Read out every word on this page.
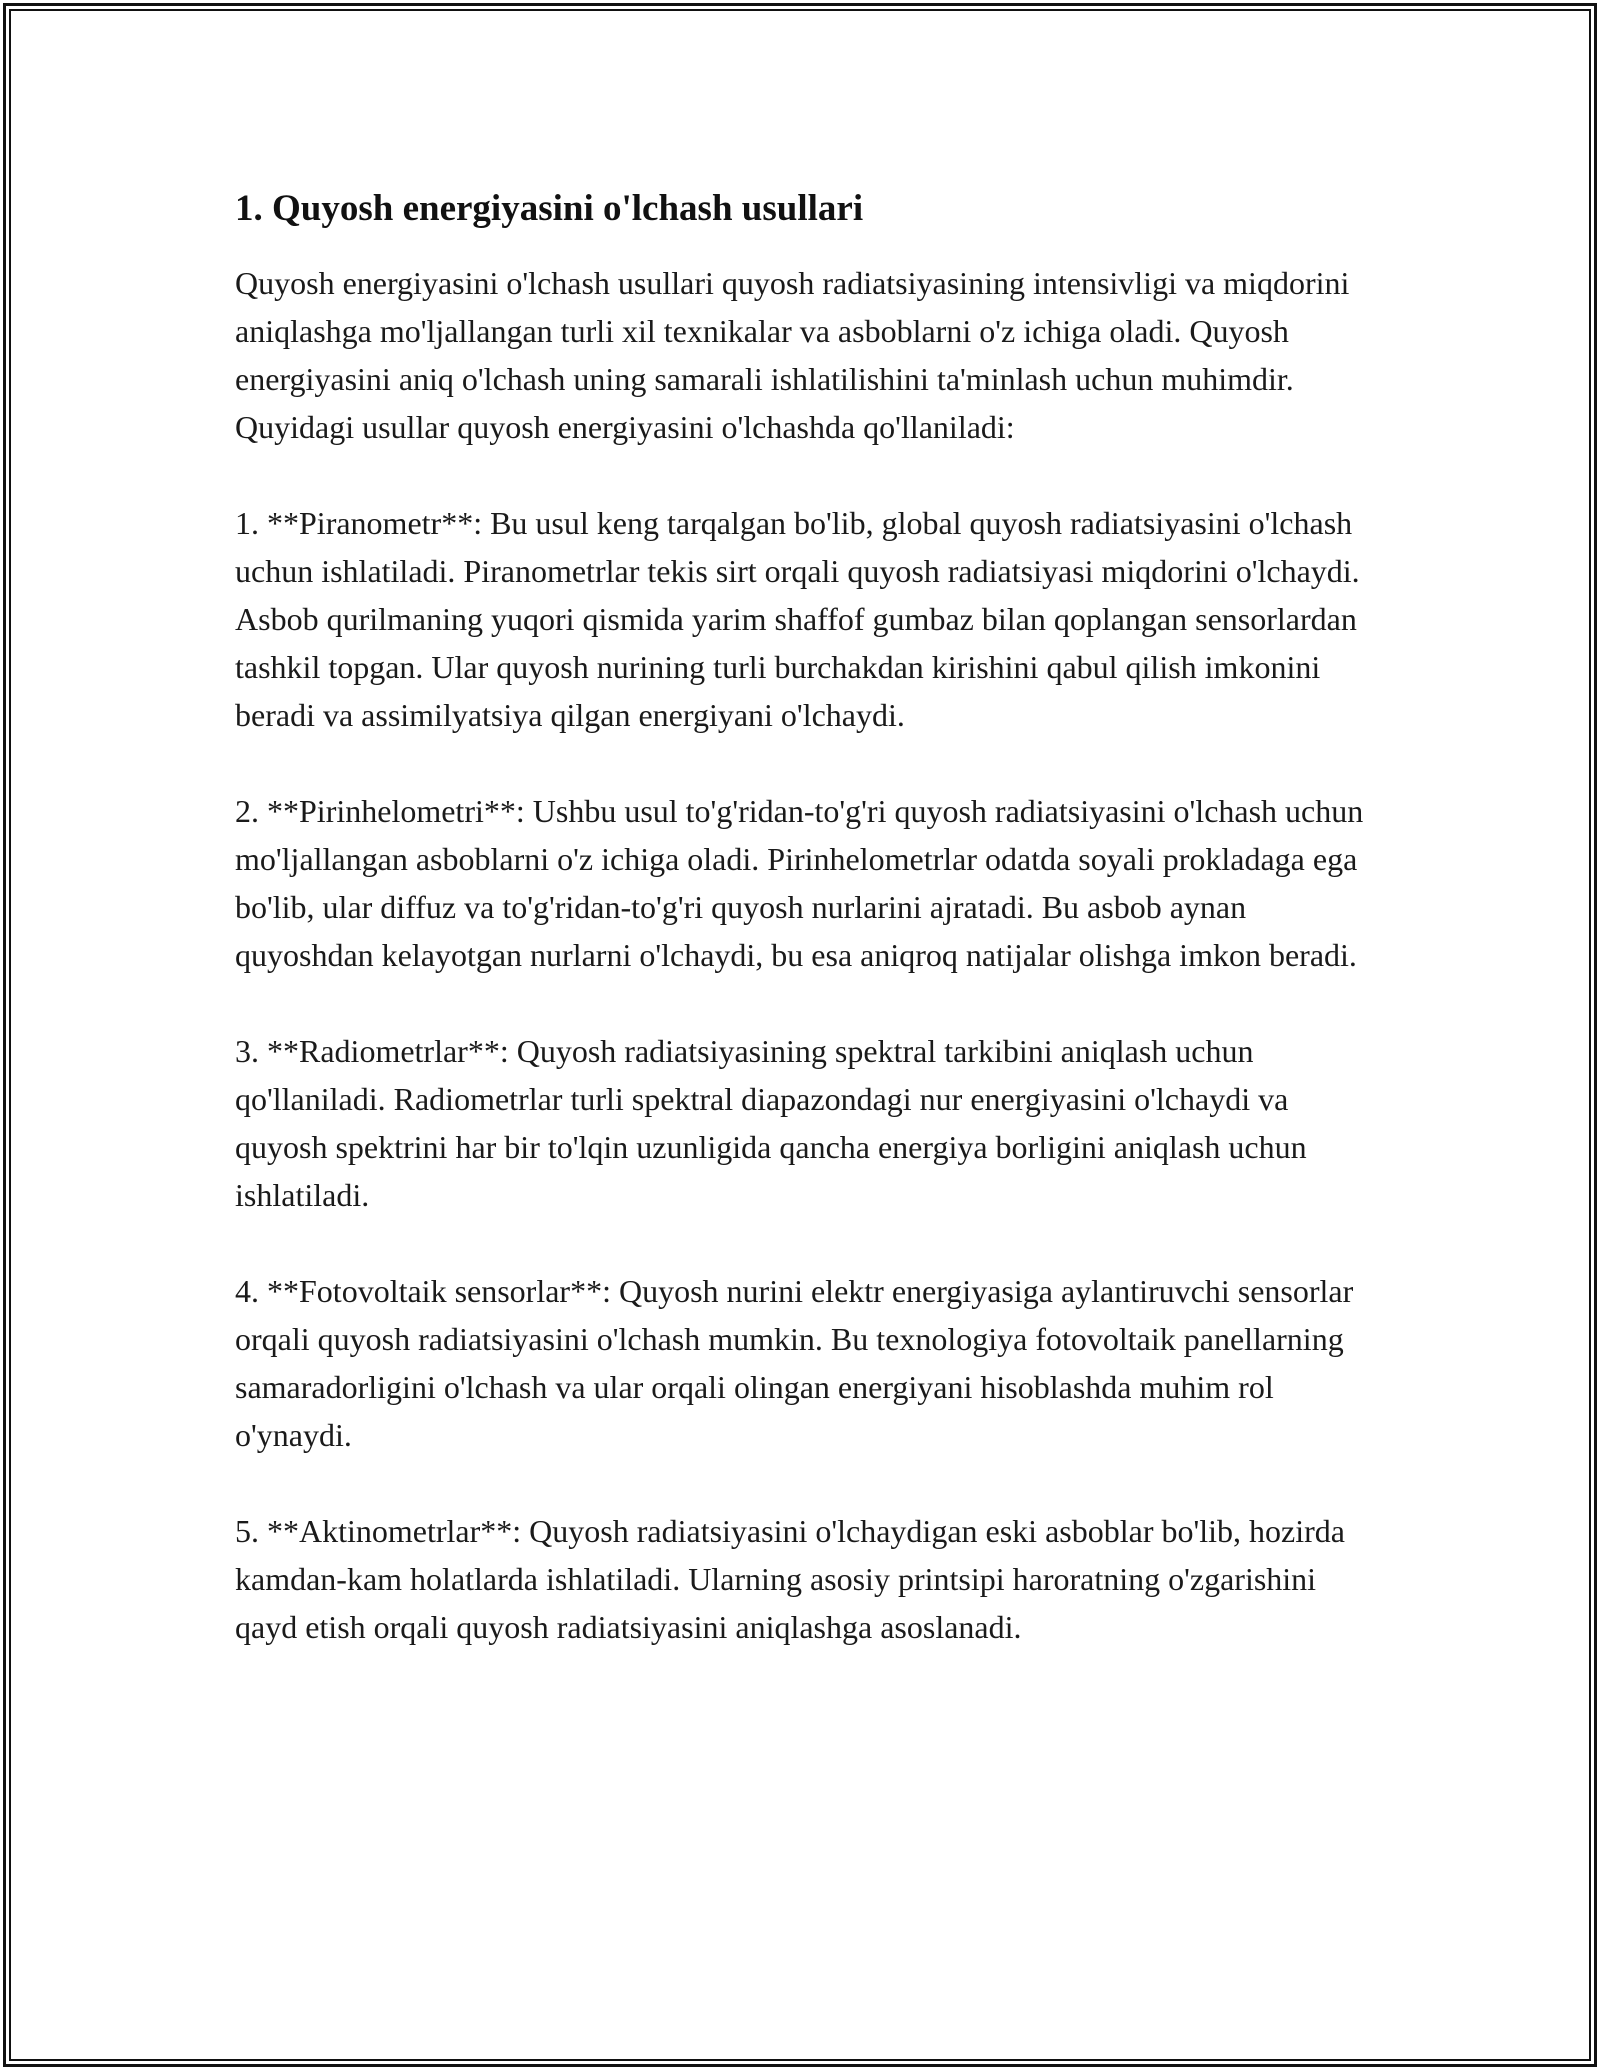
1. Quyosh energiyasini o'lchash usullari

Quyosh energiyasini o'lchash usullari quyosh radiatsiyasining intensivligi va miqdorini aniqlashga mo'ljallangan turli xil texnikalar va asboblarni o'z ichiga oladi. Quyosh energiyasini aniq o'lchash uning samarali ishlatilishini ta'minlash uchun muhimdir. Quyidagi usullar quyosh energiyasini o'lchashda qo'llaniladi:

1. **Piranometr**: Bu usul keng tarqalgan bo'lib, global quyosh radiatsiyasini o'lchash uchun ishlatiladi. Piranometrlar tekis sirt orqali quyosh radiatsiyasi miqdorini o'lchaydi. Asbob qurilmaning yuqori qismida yarim shaffof gumbaz bilan qoplangan sensorlardan tashkil topgan. Ular quyosh nurining turli burchakdan kirishini qabul qilish imkonini beradi va assimilyatsiya qilgan energiyani o'lchaydi.

2. **Pirinhelometri**: Ushbu usul to'g'ridan-to'g'ri quyosh radiatsiyasini o'lchash uchun mo'ljallangan asboblarni o'z ichiga oladi. Pirinhelometrlar odatda soyali prokladaga ega bo'lib, ular diffuz va to'g'ridan-to'g'ri quyosh nurlarini ajratadi. Bu asbob aynan quyoshdan kelayotgan nurlarni o'lchaydi, bu esa aniqroq natijalar olishga imkon beradi.

3. **Radiometrlar**: Quyosh radiatsiyasining spektral tarkibini aniqlash uchun qo'llaniladi. Radiometrlar turli spektral diapazondagi nur energiyasini o'lchaydi va quyosh spektrini har bir to'lqin uzunligida qancha energiya borligini aniqlash uchun ishlatiladi.

4. **Fotovoltaik sensorlar**: Quyosh nurini elektr energiyasiga aylantiruvchi sensorlar orqali quyosh radiatsiyasini o'lchash mumkin. Bu texnologiya fotovoltaik panellarning samaradorligini o'lchash va ular orqali olingan energiyani hisoblashda muhim rol o'ynaydi.

5. **Aktinometrlar**: Quyosh radiatsiyasini o'lchaydigan eski asboblar bo'lib, hozirda kamdan-kam holatlarda ishlatiladi. Ularning asosiy printsipi haroratning o'zgarishini qayd etish orqali quyosh radiatsiyasini aniqlashga asoslanadi.
